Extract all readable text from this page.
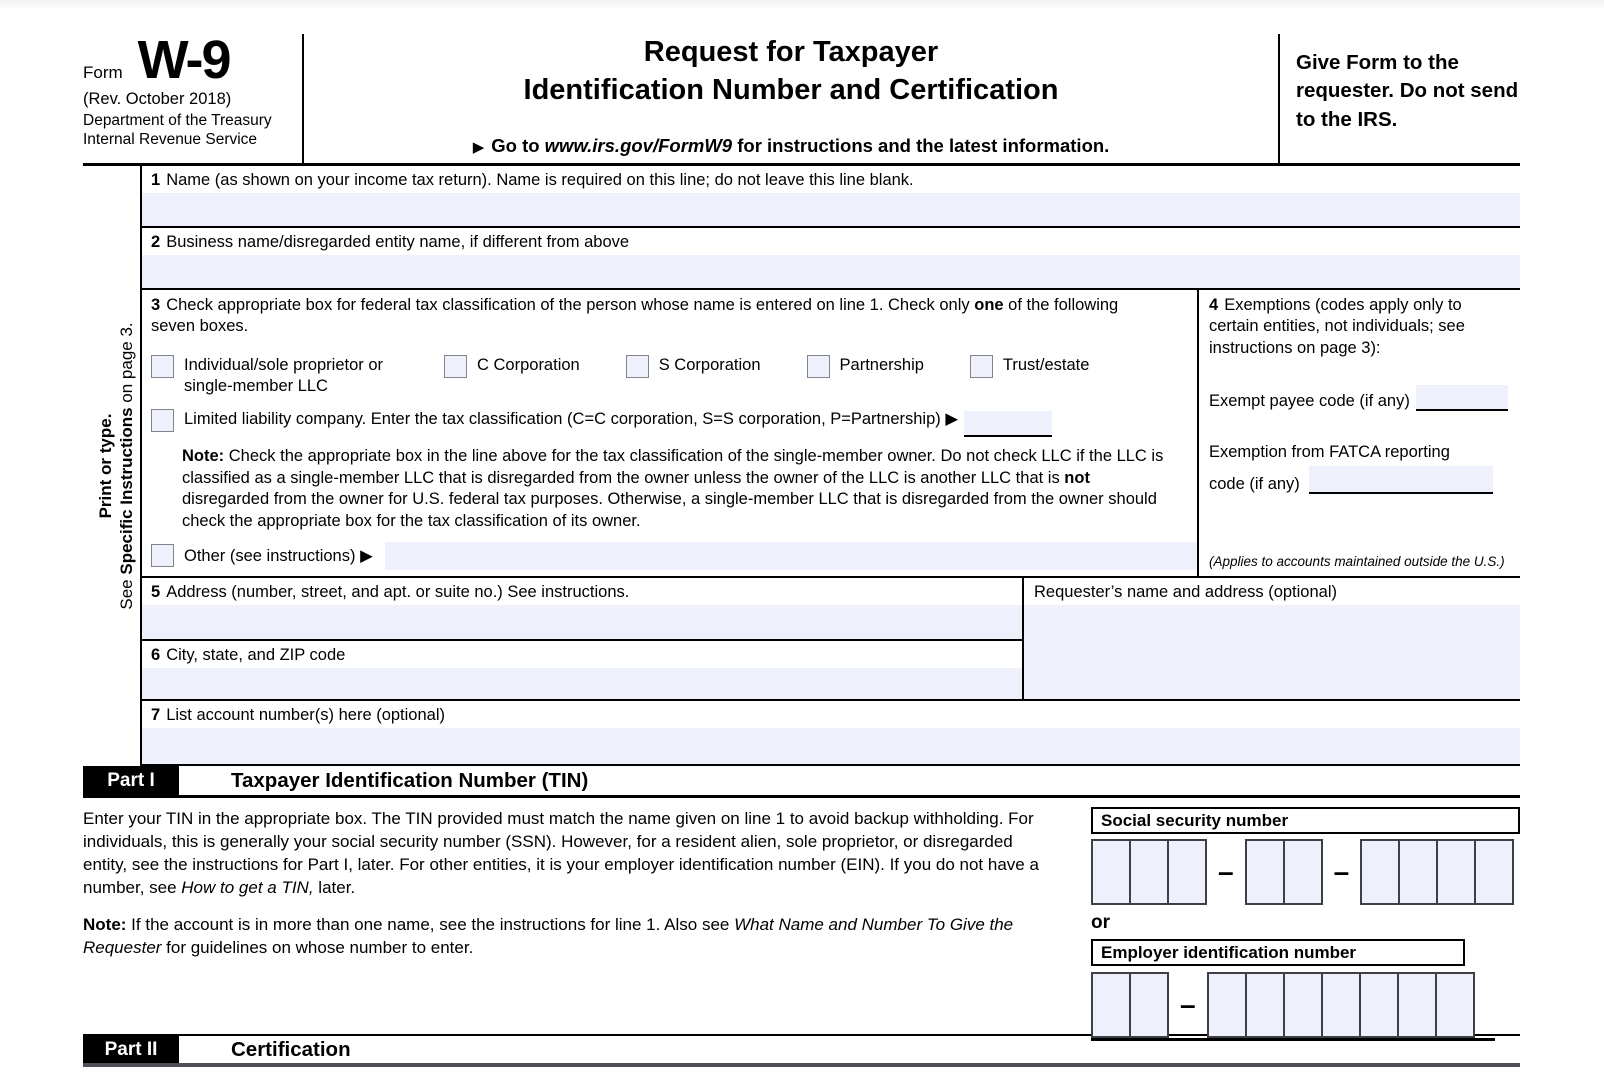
Form W-9
(Rev. October 2018)
Department of the Treasury
Internal Revenue Service
Request for Taxpayer
Identification Number and Certification
▶ Go to www.irs.gov/FormW9 for instructions and the latest information.
Give Form to the requester. Do not send to the IRS.
Print or type.
See Specific Instructions on page 3.
1 Name (as shown on your income tax return). Name is required on this line; do not leave this line blank.
2 Business name/disregarded entity name, if different from above

3 Check appropriate box for federal tax classification of the person whose name is entered on line 1. Check only one of the following seven boxes.

Individual/sole proprietor or single-member LLC
C Corporation	S Corporation	Partnership	Trust/estate
Limited liability company. Enter the tax classification (C=C corporation, S=S corporation, P=Partnership) ▶

Note: Check the appropriate box in the line above for the tax classification of the single-member owner. Do not check LLC if the LLC is classified as a single-member LLC that is disregarded from the owner unless the owner of the LLC is another LLC that is not disregarded from the owner for U.S. federal tax purposes. Otherwise, a single-member LLC that is disregarded from the owner should check the appropriate box for the tax classification of its owner.

Other (see instructions) ▶

4 Exemptions (codes apply only to certain entities, not individuals; see instructions on page 3):

Exempt payee code (if any)
Exemption from FATCA reporting
code (if any)
(Applies to accounts maintained outside the U.S.)
5 Address (number, street, and apt. or suite no.) See instructions.
6 City, state, and ZIP code
Requester’s name and address (optional)
7 List account number(s) here (optional)
Part I	Taxpayer Identification Number (TIN)

Enter your TIN in the appropriate box. The TIN provided must match the name given on line 1 to avoid backup withholding. For individuals, this is generally your social security number (SSN). However, for a resident alien, sole proprietor, or disregarded entity, see the instructions for Part I, later. For other entities, it is your employer identification number (EIN). If you do not have a number, see How to get a TIN, later.

Note: If the account is in more than one name, see the instructions for line 1. Also see What Name and Number To Give the Requester for guidelines on whose number to enter.

Social security number
–	–
or
Employer identification number
–
Part II	Certification
